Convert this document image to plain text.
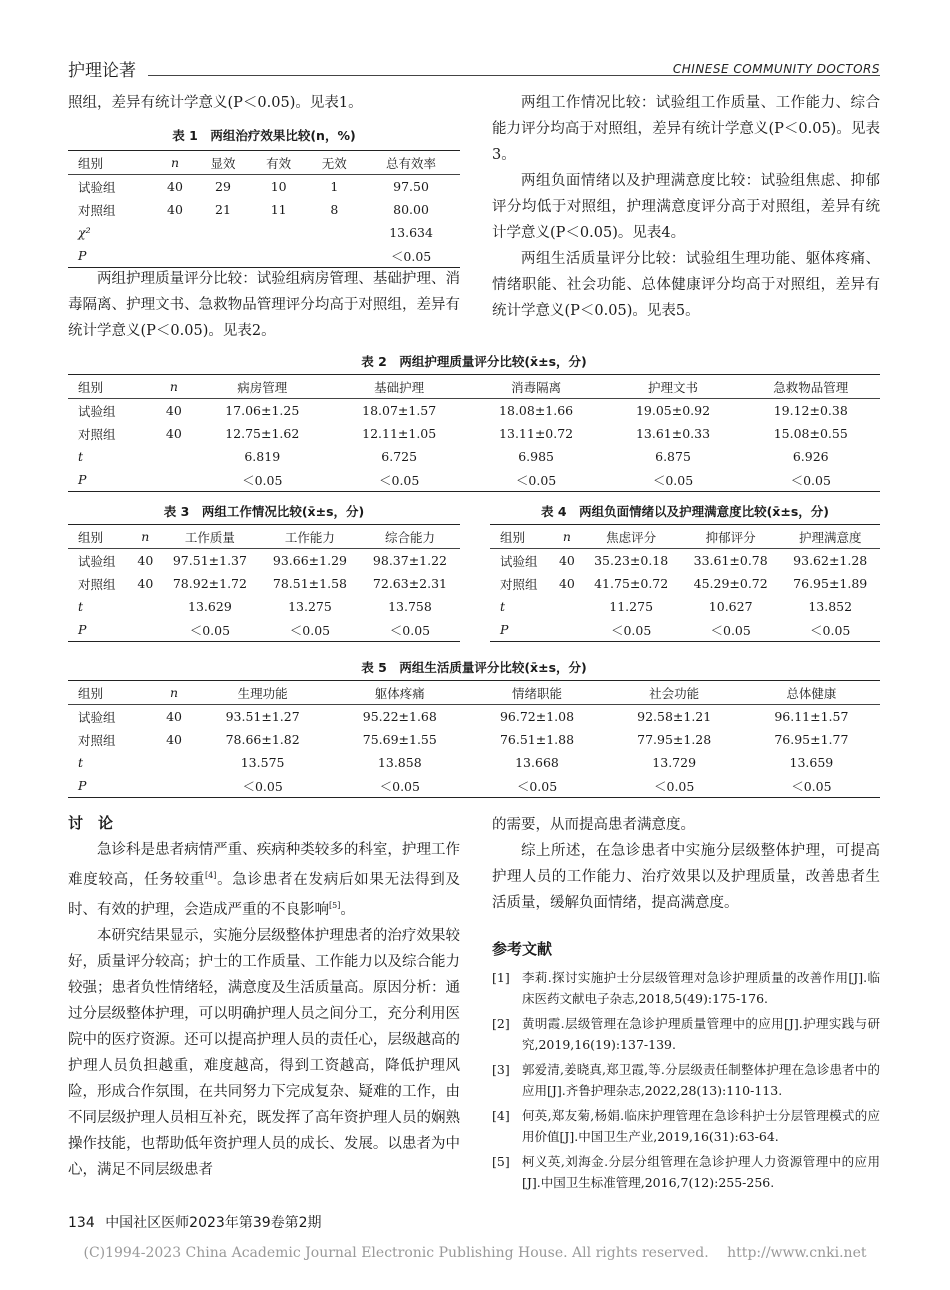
护理论著	CHINESE COMMUNITY DOCTORS

照组，差异有统计学意义(P＜0.05)。见表1。

表 1　两组治疗效果比较(n，%)
组别	n	显效	有效	无效	总有效率
试验组	40	29	10	1	97.50
对照组	40	21	11	8	80.00
χ²					13.634
P					＜0.05

两组护理质量评分比较：试验组病房管理、基础护理、消毒隔离、护理文书、急救物品管理评分均高于对照组，差异有统计学意义(P＜0.05)。见表2。

两组工作情况比较：试验组工作质量、工作能力、综合能力评分均高于对照组，差异有统计学意义(P＜0.05)。见表3。

两组负面情绪以及护理满意度比较：试验组焦虑、抑郁评分均低于对照组，护理满意度评分高于对照组，差异有统计学意义(P＜0.05)。见表4。

两组生活质量评分比较：试验组生理功能、躯体疼痛、情绪职能、社会功能、总体健康评分均高于对照组，差异有统计学意义(P＜0.05)。见表5。

表 2　两组护理质量评分比较(x̄±s，分)
组别	n	病房管理	基础护理	消毒隔离	护理文书	急救物品管理
试验组	40	17.06±1.25	18.07±1.57	18.08±1.66	19.05±0.92	19.12±0.38
对照组	40	12.75±1.62	12.11±1.05	13.11±0.72	13.61±0.33	15.08±0.55
t		6.819	6.725	6.985	6.875	6.926
P		＜0.05	＜0.05	＜0.05	＜0.05	＜0.05
表 3　两组工作情况比较(x̄±s，分)
组别	n	工作质量	工作能力	综合能力
试验组	40	97.51±1.37	93.66±1.29	98.37±1.22
对照组	40	78.92±1.72	78.51±1.58	72.63±2.31
t		13.629	13.275	13.758
P		＜0.05	＜0.05	＜0.05
表 4　两组负面情绪以及护理满意度比较(x̄±s，分)
组别	n	焦虑评分	抑郁评分	护理满意度
试验组	40	35.23±0.18	33.61±0.78	93.62±1.28
对照组	40	41.75±0.72	45.29±0.72	76.95±1.89
t		11.275	10.627	13.852
P		＜0.05	＜0.05	＜0.05
表 5　两组生活质量评分比较(x̄±s，分)
组别	n	生理功能	躯体疼痛	情绪职能	社会功能	总体健康
试验组	40	93.51±1.27	95.22±1.68	96.72±1.08	92.58±1.21	96.11±1.57
对照组	40	78.66±1.82	75.69±1.55	76.51±1.88	77.95±1.28	76.95±1.77
t		13.575	13.858	13.668	13.729	13.659
P		＜0.05	＜0.05	＜0.05	＜0.05	＜0.05
讨　论

急诊科是患者病情严重、疾病种类较多的科室，护理工作难度较高，任务较重[4]。急诊患者在发病后如果无法得到及时、有效的护理，会造成严重的不良影响[5]。

本研究结果显示，实施分层级整体护理患者的治疗效果较好，质量评分较高；护士的工作质量、工作能力以及综合能力较强；患者负性情绪轻，满意度及生活质量高。原因分析：通过分层级整体护理，可以明确护理人员之间分工，充分利用医院中的医疗资源。还可以提高护理人员的责任心，层级越高的护理人员负担越重，难度越高，得到工资越高，降低护理风险，形成合作氛围，在共同努力下完成复杂、疑难的工作，由不同层级护理人员相互补充，既发挥了高年资护理人员的娴熟操作技能，也帮助低年资护理人员的成长、发展。以患者为中心，满足不同层级患者

的需要，从而提高患者满意度。

综上所述，在急诊患者中实施分层级整体护理，可提高护理人员的工作能力、治疗效果以及护理质量，改善患者生活质量，缓解负面情绪，提高满意度。

参考文献
[1] 李莉.探讨实施护士分层级管理对急诊护理质量的改善作用[J].临床医药文献电子杂志,2018,5(49):175-176.
[2] 黄明霞.层级管理在急诊护理质量管理中的应用[J].护理实践与研究,2019,16(19):137-139.
[3] 郭爱清,姜晓真,郑卫霞,等.分层级责任制整体护理在急诊患者中的应用[J].齐鲁护理杂志,2022,28(13):110-113.
[4] 何英,郑友菊,杨娟.临床护理管理在急诊科护士分层管理模式的应用价值[J].中国卫生产业,2019,16(31):63-64.
[5] 柯义英,刘海金.分层分组管理在急诊护理人力资源管理中的应用[J].中国卫生标准管理,2016,7(12):255-256.
134 中国社区医师2023年第39卷第2期
(C)1994-2023 China Academic Journal Electronic Publishing House. All rights reserved.　 http://www.cnki.net
